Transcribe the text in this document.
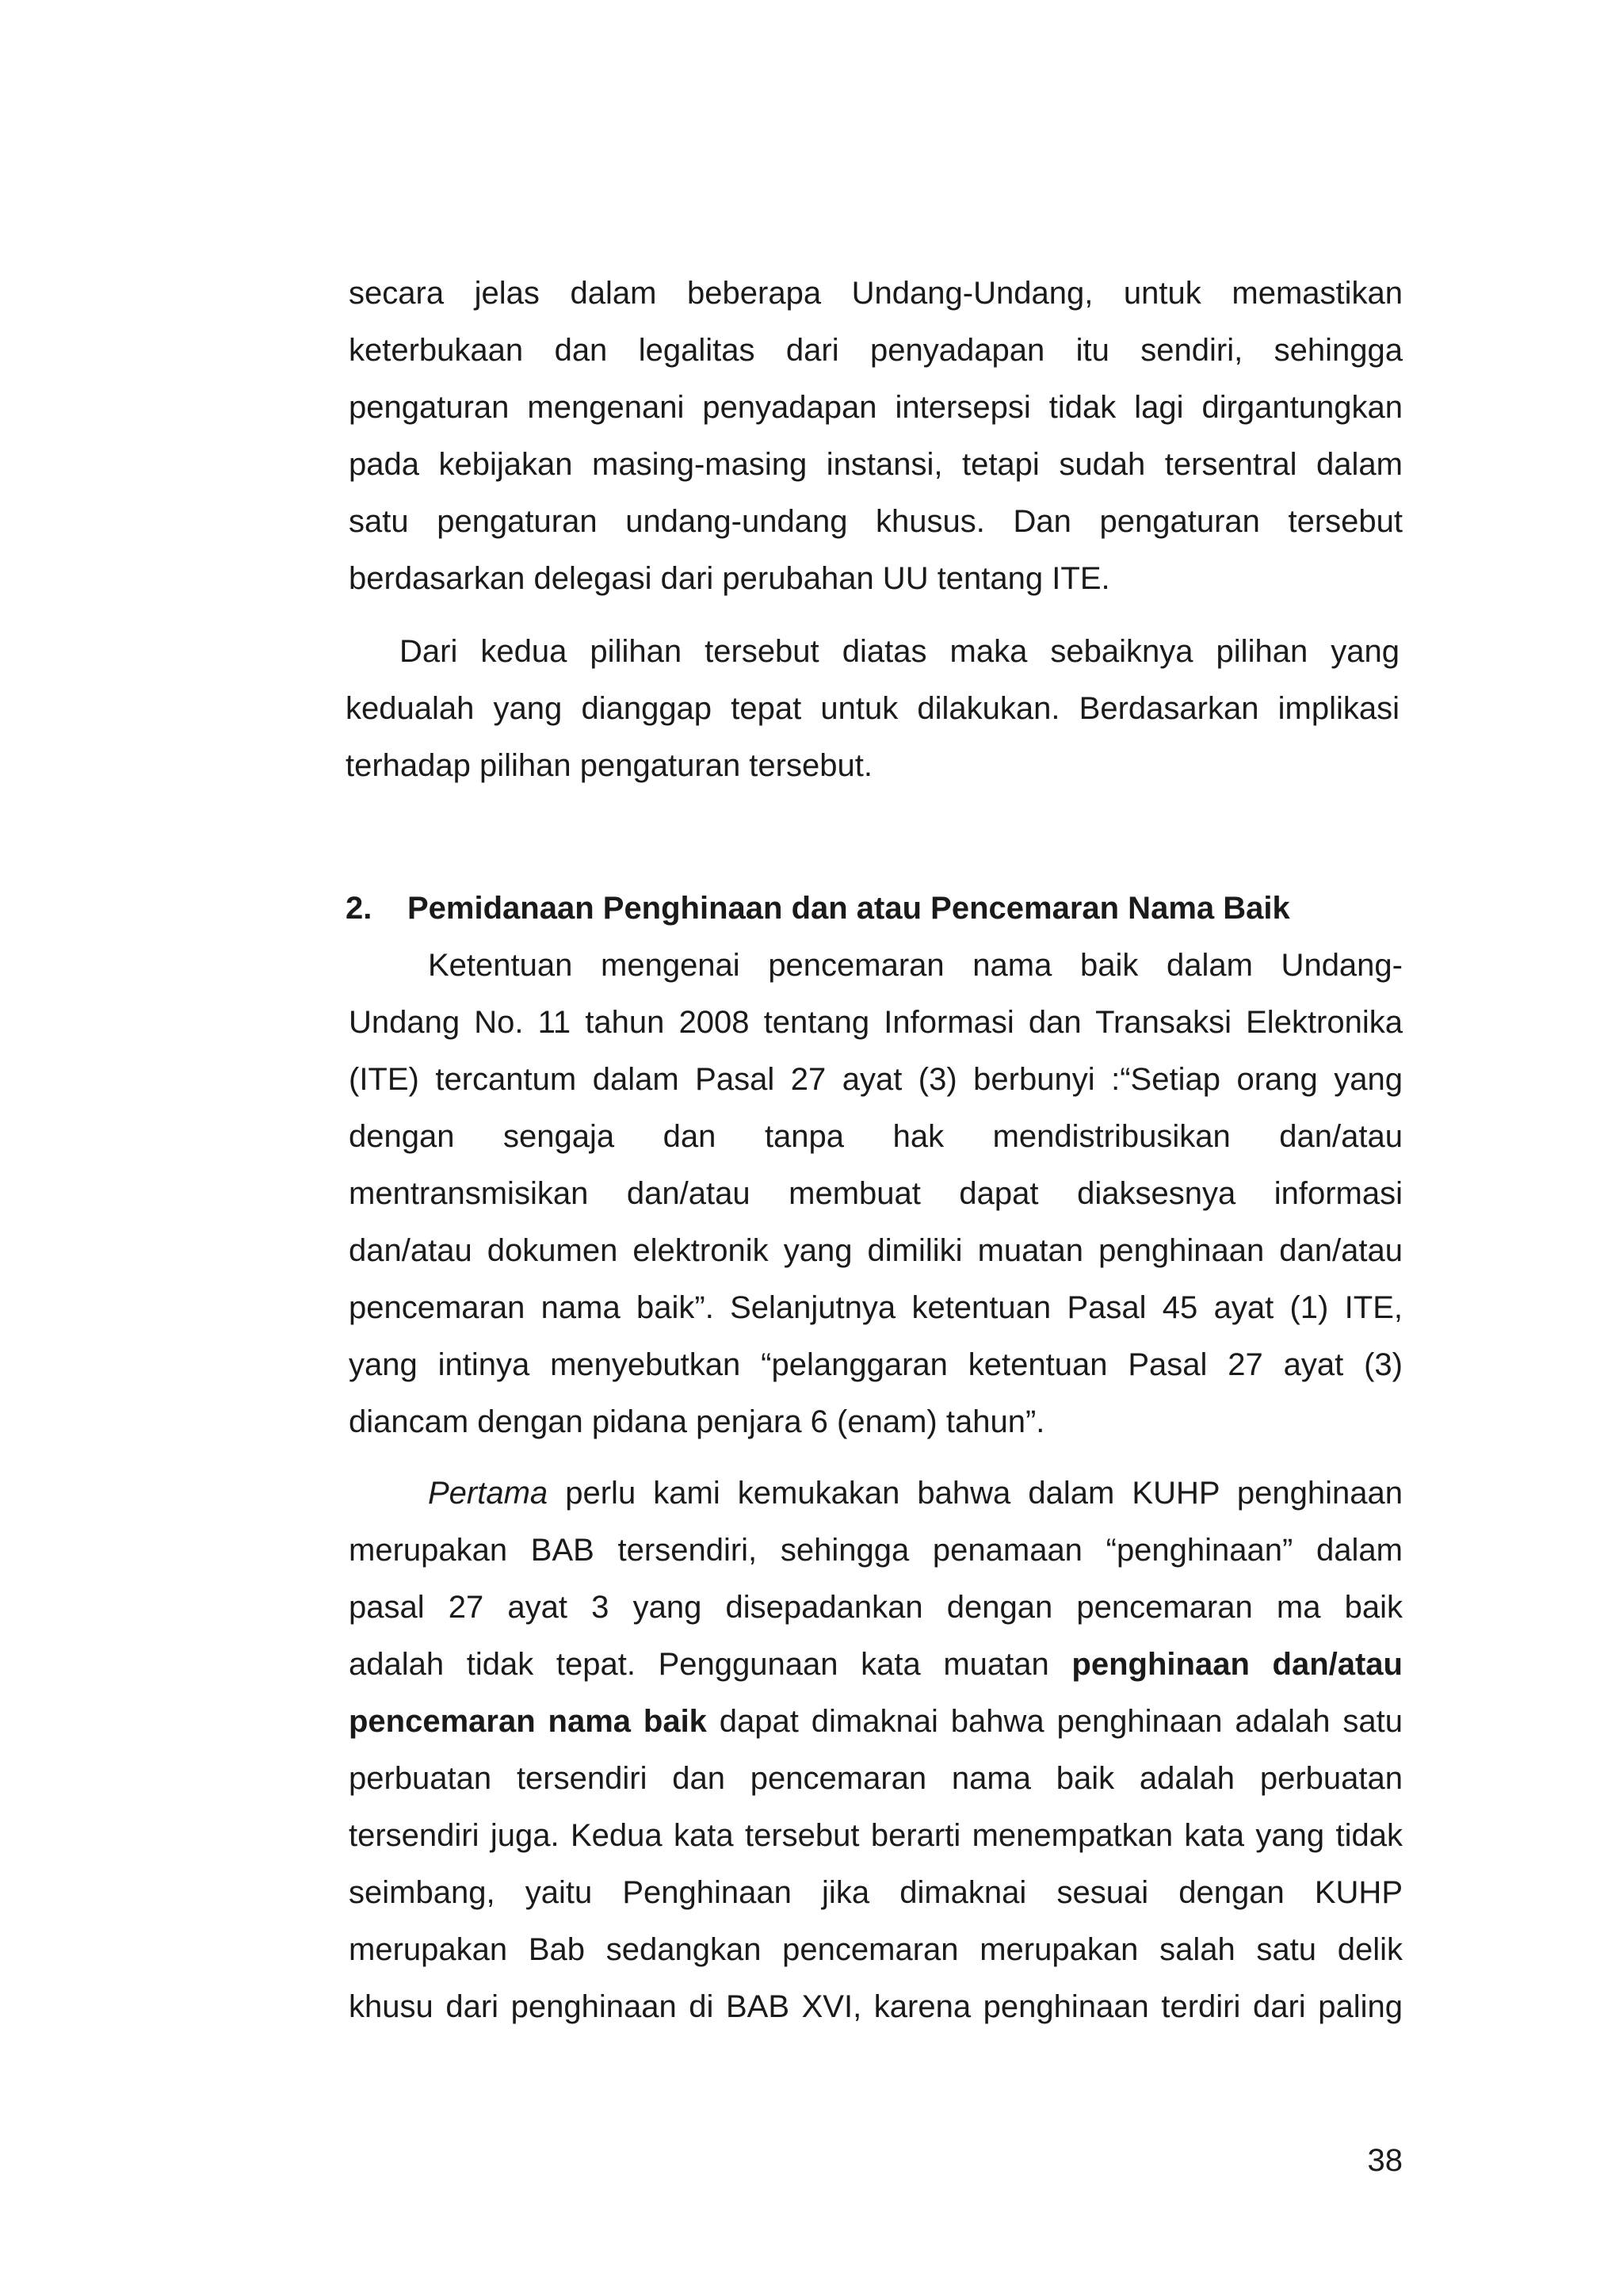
secara jelas dalam beberapa Undang-Undang, untuk memastikan
keterbukaan dan legalitas dari penyadapan itu sendiri, sehingga
pengaturan mengenani penyadapan intersepsi tidak lagi dirgantungkan
pada kebijakan masing-masing instansi, tetapi sudah tersentral dalam
satu pengaturan undang-undang khusus. Dan pengaturan tersebut
berdasarkan delegasi dari perubahan UU tentang ITE.
Dari kedua pilihan tersebut diatas maka sebaiknya pilihan yang
kedualah yang dianggap tepat untuk dilakukan. Berdasarkan implikasi
terhadap pilihan pengaturan tersebut.
2. Pemidanaan Penghinaan dan atau Pencemaran Nama Baik
Ketentuan mengenai pencemaran nama baik dalam Undang-
Undang No. 11 tahun 2008 tentang Informasi dan Transaksi Elektronika
(ITE) tercantum dalam Pasal 27 ayat (3) berbunyi :“Setiap orang yang
dengan sengaja dan tanpa hak mendistribusikan dan/atau
mentransmisikan dan/atau membuat dapat diaksesnya informasi
dan/atau dokumen elektronik yang dimiliki muatan penghinaan dan/atau
pencemaran nama baik”. Selanjutnya ketentuan Pasal 45 ayat (1) ITE,
yang intinya menyebutkan “pelanggaran ketentuan Pasal 27 ayat (3)
diancam dengan pidana penjara 6 (enam) tahun”.
Pertama perlu kami kemukakan bahwa dalam KUHP penghinaan
merupakan BAB tersendiri, sehingga penamaan “penghinaan” dalam
pasal 27 ayat 3 yang disepadankan dengan pencemaran ma baik
adalah tidak tepat. Penggunaan kata muatan penghinaan dan/atau
pencemaran nama baik dapat dimaknai bahwa penghinaan adalah satu
perbuatan tersendiri dan pencemaran nama baik adalah perbuatan
tersendiri juga. Kedua kata tersebut berarti menempatkan kata yang tidak
seimbang, yaitu Penghinaan jika dimaknai sesuai dengan KUHP
merupakan Bab sedangkan pencemaran merupakan salah satu delik
khusu dari penghinaan di BAB XVI, karena penghinaan terdiri dari paling
38
